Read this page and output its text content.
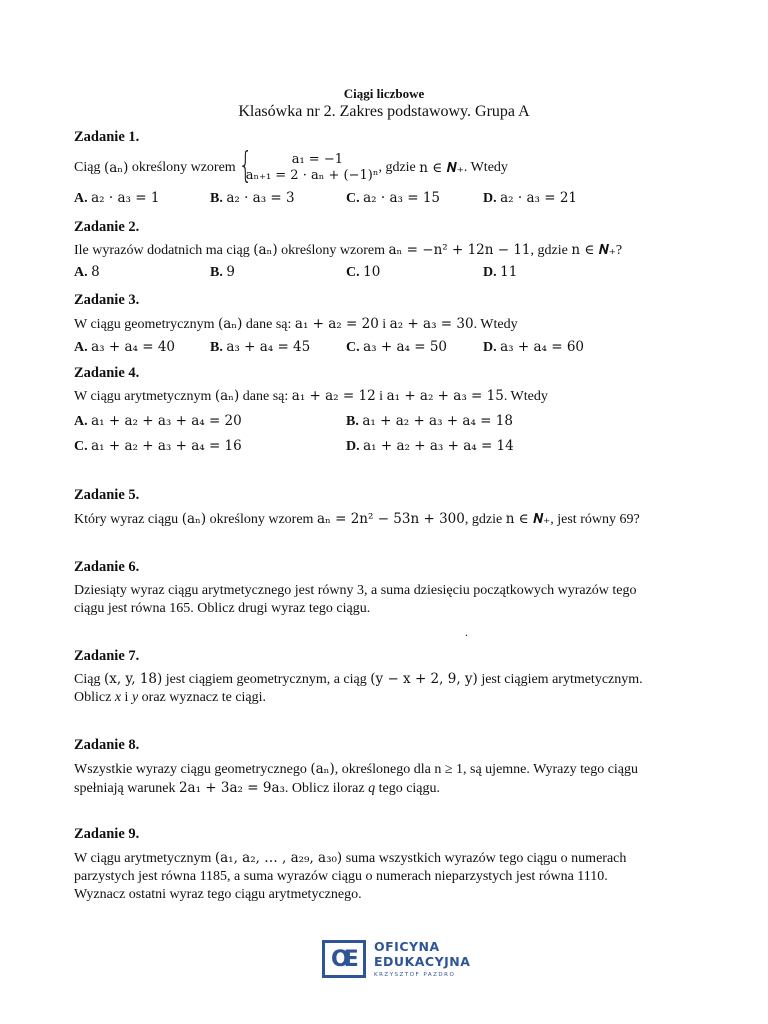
Ciągi liczbowe
Klasówka nr 2. Zakres podstawowy. Grupa A
Zadanie 1.
Ciąg (aₙ) określony wzorem {	a₁ = −1
aₙ₊₁ = 2 · aₙ + (−1)ⁿ
, gdzie n ∈ 𝑵₊ . Wtedy
A. a₂ · a₃ = 1	B. a₂ · a₃ = 3	C. a₂ · a₃ = 15	D. a₂ · a₃ = 21
Zadanie 2.
Ile wyrazów dodatnich ma ciąg (aₙ) określony wzorem aₙ = −n² + 12n − 11, gdzie n ∈ 𝑵₊?
A. 8	B. 9	C. 10	D. 11
Zadanie 3.
W ciągu geometrycznym (aₙ) dane są: a₁ + a₂ = 20 i a₂ + a₃ = 30. Wtedy
A. a₃ + a₄ = 40 B. a₃ + a₄ = 45	C. a₃ + a₄ = 50	D. a₃ + a₄ = 60
Zadanie 4.
W ciągu arytmetycznym (aₙ) dane są: a₁ + a₂ = 12 i a₁ + a₂ + a₃ = 15. Wtedy
A. a₁ + a₂ + a₃ + a₄ = 20	B. a₁ + a₂ + a₃ + a₄ = 18
C. a₁ + a₂ + a₃ + a₄ = 16	D. a₁ + a₂ + a₃ + a₄ = 14
Zadanie 5.
Który wyraz ciągu (aₙ) określony wzorem aₙ = 2n² − 53n + 300, gdzie n ∈ 𝑵₊, jest równy 69?
Zadanie 6.
Dziesiąty wyraz ciągu arytmetycznego jest równy 3, a suma dziesięciu początkowych wyrazów tego
ciągu jest równa 165. Oblicz drugi wyraz tego ciągu.
.
Zadanie 7.
Ciąg (x, y, 18) jest ciągiem geometrycznym, a ciąg (y − x + 2, 9, y) jest ciągiem arytmetycznym.
Oblicz x i y oraz wyznacz te ciągi.
Zadanie 8.
Wszystkie wyrazy ciągu geometrycznego (aₙ), określonego dla n ≥ 1, są ujemne. Wyrazy tego ciągu
spełniają warunek 2a₁ + 3a₂ = 9a₃. Oblicz iloraz q tego ciągu.
Zadanie 9.
W ciągu arytmetycznym (a₁, a₂, … , a₂₉, a₃₀) suma wszystkich wyrazów tego ciągu o numerach
parzystych jest równa 1185, a suma wyrazów ciągu o numerach nieparzystych jest równa 1110.
Wyznacz ostatni wyraz tego ciągu arytmetycznego.
OE
OFICYNA
EDUKACYJNA
KRZYSZTOF PAZDRO
